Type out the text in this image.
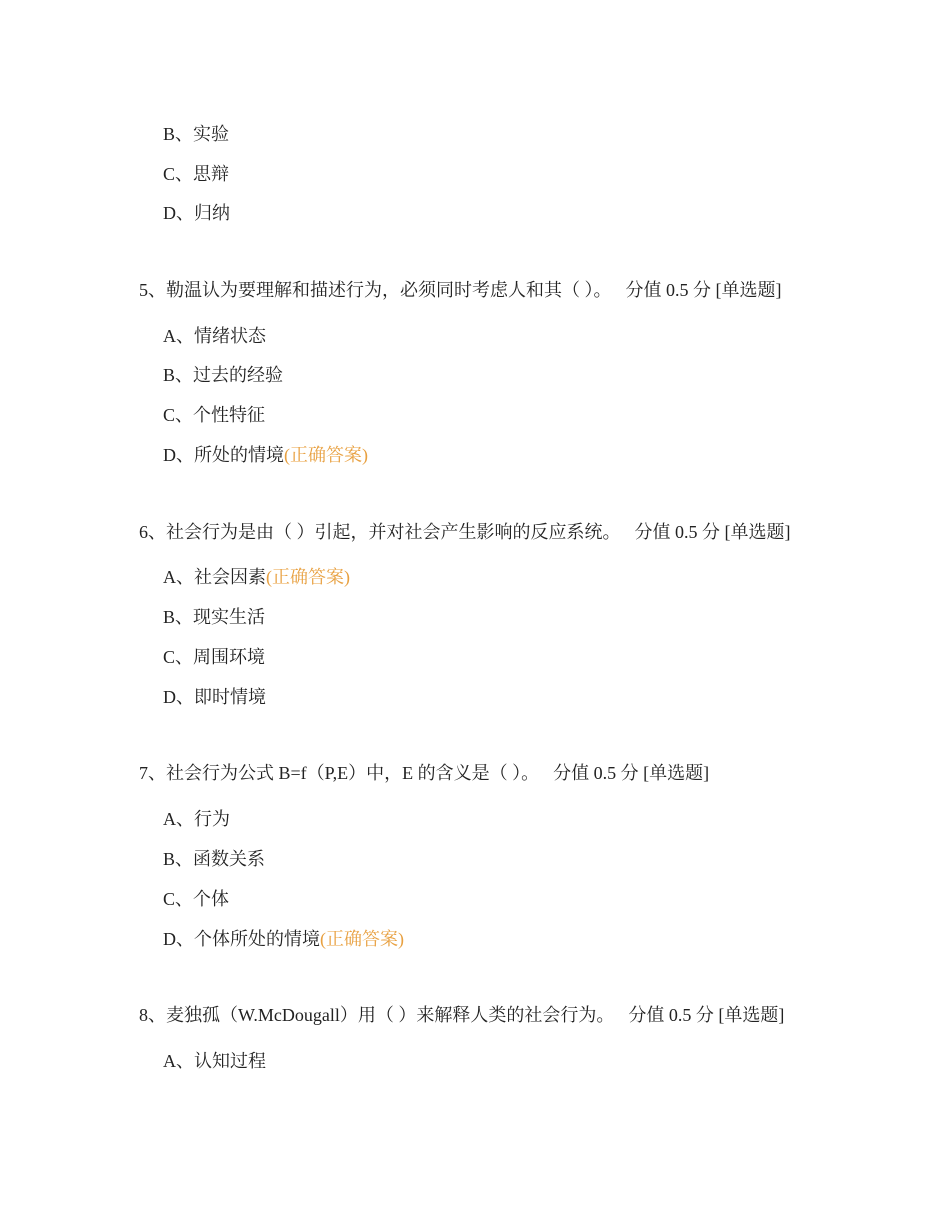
B、实验
C、思辩
D、归纳
5、勒温认为要理解和描述行为，必须同时考虑人和其（ ）。 分值 0.5 分 [单选题]
A、情绪状态
B、过去的经验
C、个性特征
D、所处的情境(正确答案)
6、社会行为是由（ ）引起，并对社会产生影响的反应系统。 分值 0.5 分 [单选题]
A、社会因素(正确答案)
B、现实生活
C、周围环境
D、即时情境
7、社会行为公式 B=f（P,E）中，E 的含义是（ ）。 分值 0.5 分 [单选题]
A、行为
B、函数关系
C、个体
D、个体所处的情境(正确答案)
8、麦独孤（W.McDougall）用（ ）来解释人类的社会行为。 分值 0.5 分 [单选题]
A、认知过程
